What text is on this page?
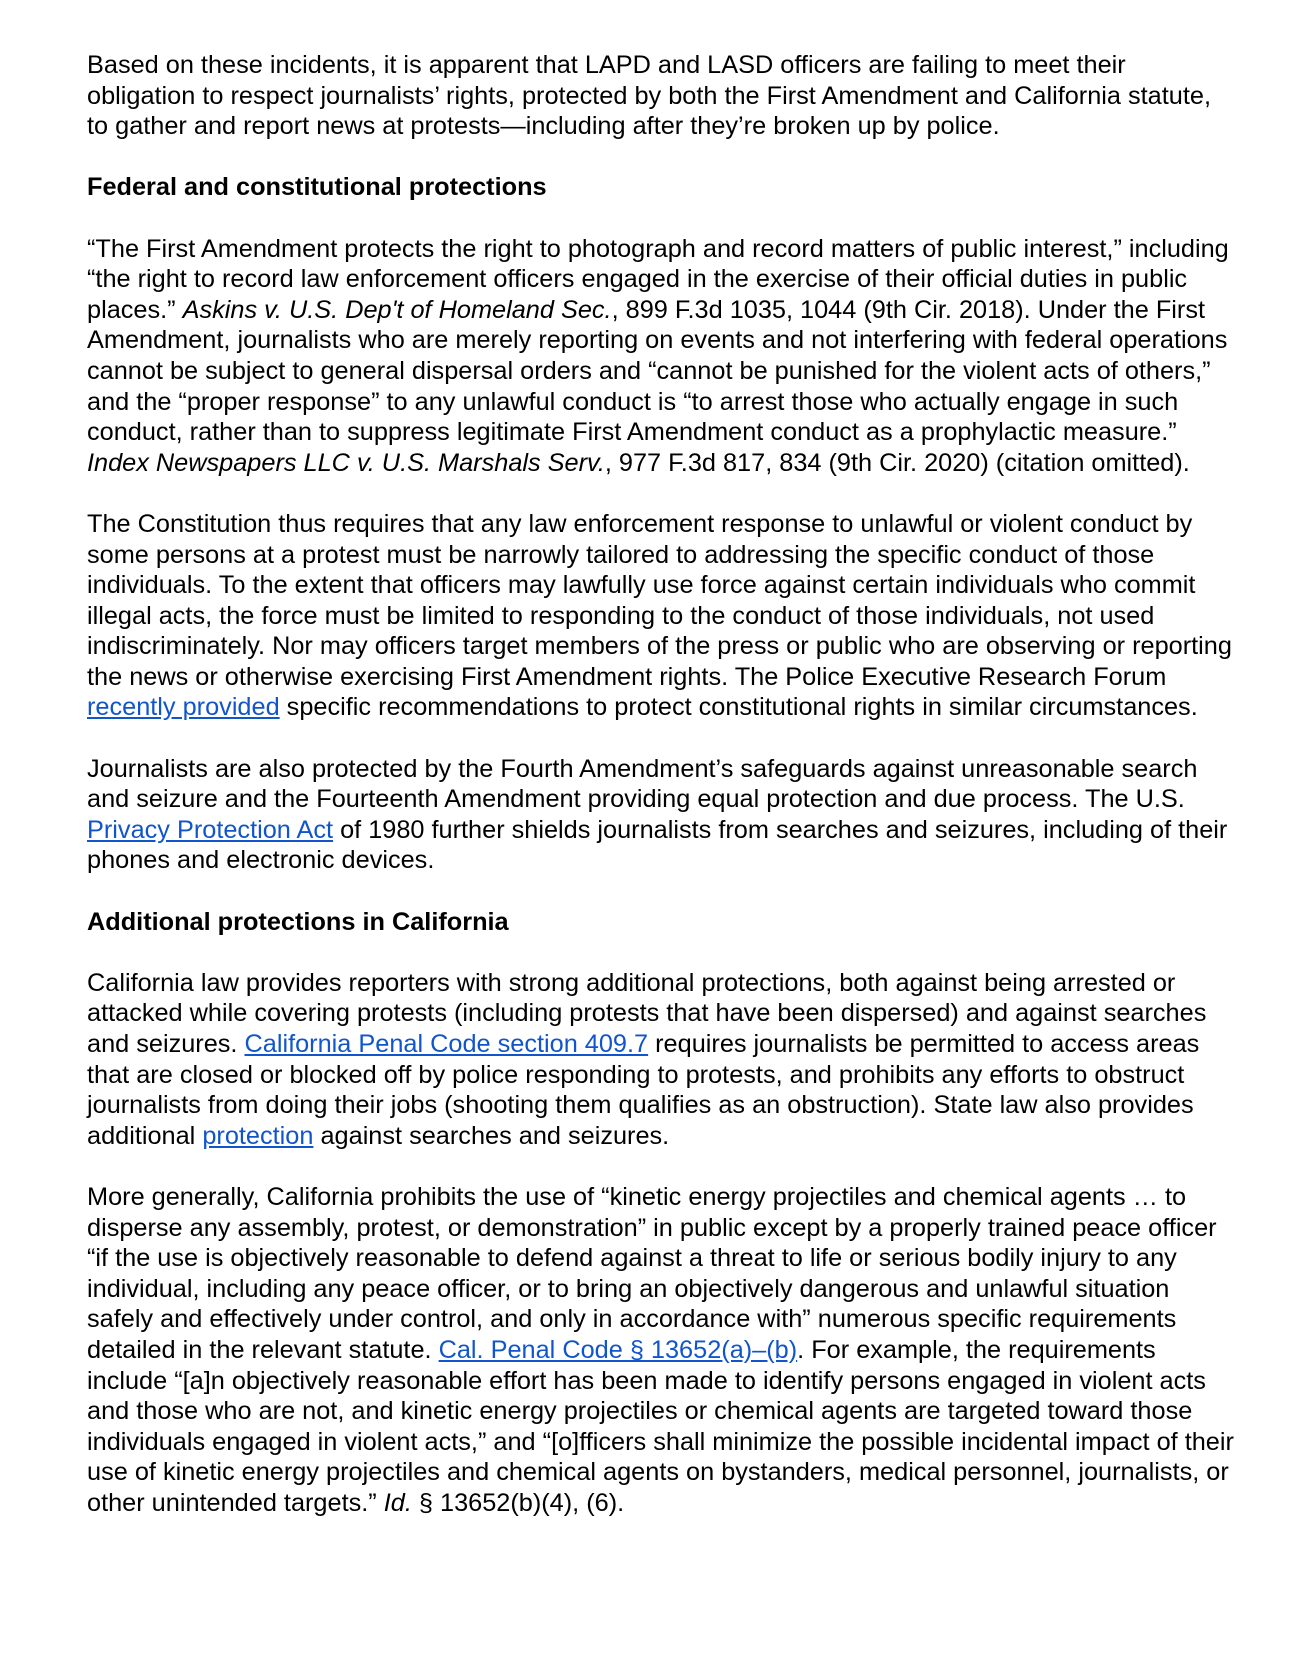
Based on these incidents, it is apparent that LAPD and LASD officers are failing to meet their obligation to respect journalists’ rights, protected by both the First Amendment and California statute, to gather and report news at protests—including after they’re broken up by police.

Federal and constitutional protections

“The First Amendment protects the right to photograph and record matters of public interest,” including “the right to record law enforcement officers engaged in the exercise of their official duties in public places.” Askins v. U.S. Dep't of Homeland Sec., 899 F.3d 1035, 1044 (9th Cir. 2018). Under the First Amendment, journalists who are merely reporting on events and not interfering with federal operations cannot be subject to general dispersal orders and “cannot be punished for the violent acts of others,” and the “proper response” to any unlawful conduct is “to arrest those who actually engage in such conduct, rather than to suppress legitimate First Amendment conduct as a prophylactic measure.” Index Newspapers LLC v. U.S. Marshals Serv., 977 F.3d 817, 834 (9th Cir. 2020) (citation omitted).

The Constitution thus requires that any law enforcement response to unlawful or violent conduct by some persons at a protest must be narrowly tailored to addressing the specific conduct of those individuals. To the extent that officers may lawfully use force against certain individuals who commit illegal acts, the force must be limited to responding to the conduct of those individuals, not used indiscriminately. Nor may officers target members of the press or public who are observing or reporting the news or otherwise exercising First Amendment rights. The Police Executive Research Forum recently provided specific recommendations to protect constitutional rights in similar circumstances.

Journalists are also protected by the Fourth Amendment’s safeguards against unreasonable search and seizure and the Fourteenth Amendment providing equal protection and due process. The U.S. Privacy Protection Act of 1980 further shields journalists from searches and seizures, including of their phones and electronic devices.

Additional protections in California

California law provides reporters with strong additional protections, both against being arrested or attacked while covering protests (including protests that have been dispersed) and against searches and seizures. California Penal Code section 409.7 requires journalists be permitted to access areas that are closed or blocked off by police responding to protests, and prohibits any efforts to obstruct journalists from doing their jobs (shooting them qualifies as an obstruction). State law also provides additional protection against searches and seizures.

More generally, California prohibits the use of “kinetic energy projectiles and chemical agents … to disperse any assembly, protest, or demonstration” in public except by a properly trained peace officer “if the use is objectively reasonable to defend against a threat to life or serious bodily injury to any individual, including any peace officer, or to bring an objectively dangerous and unlawful situation safely and effectively under control, and only in accordance with” numerous specific requirements detailed in the relevant statute. Cal. Penal Code § 13652(a)–(b). For example, the requirements include “[a]n objectively reasonable effort has been made to identify persons engaged in violent acts and those who are not, and kinetic energy projectiles or chemical agents are targeted toward those individuals engaged in violent acts,” and “[o]fficers shall minimize the possible incidental impact of their use of kinetic energy projectiles and chemical agents on bystanders, medical personnel, journalists, or other unintended targets.” Id. § 13652(b)(4), (6).
